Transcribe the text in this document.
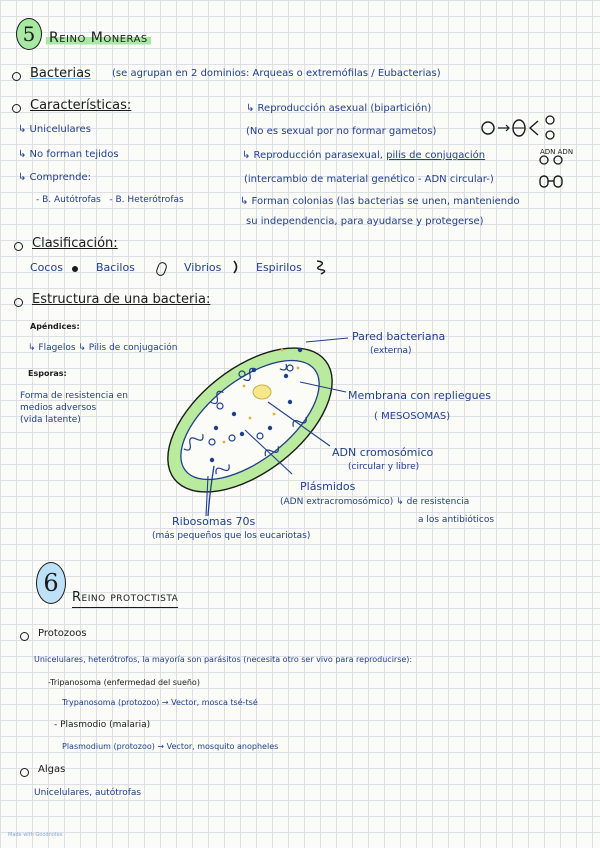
5 Reino Moneras
Bacterias (se agrupan en 2 dominios: Arqueas o extremófilas / Eubacterias)
Características:
↳ Unicelulares
↳ No forman tejidos
↳ Comprende:
- B. Autótrofas   - B. Heterótrofas
↳ Reproducción asexual (bipartición)
(No es sexual por no formar gametos)
↳ Reproducción parasexual, pilis de conjugación
(intercambio de material genético - ADN circular-)
↳ Forman colonias (las bacterias se unen, manteniendo
su independencia, para ayudarse y protegerse)
ADN ADN
Clasificación:
Cocos	Bacilos	Vibrios	Espirilos
Estructura de una bacteria:
Apéndices:
↳ Flagelos ↳ Pilis de conjugación
Esporas:
Forma de resistencia en
medios adversos
(vida latente)
Pared bacteriana
(externa)
Membrana con repliegues
( MESOSOMAS)
ADN cromosómico
(circular y libre)
Plásmidos
(ADN extracromosómico) ↳ de resistencia
a los antibióticos
Ribosomas 70s
(más pequeños que los eucariotas)
6
Reino protoctista
Protozoos
Unicelulares, heterótrofos, la mayoría son parásitos (necesita otro ser vivo para reproducirse):
-Tripanosoma (enfermedad del sueño)
Trypanosoma (protozoo) → Vector, mosca tsé-tsé
- Plasmodio (malaria)
Plasmodium (protozoo) → Vector, mosquito anopheles
Algas
Unicelulares, autótrofas
Made with Goodnotes
